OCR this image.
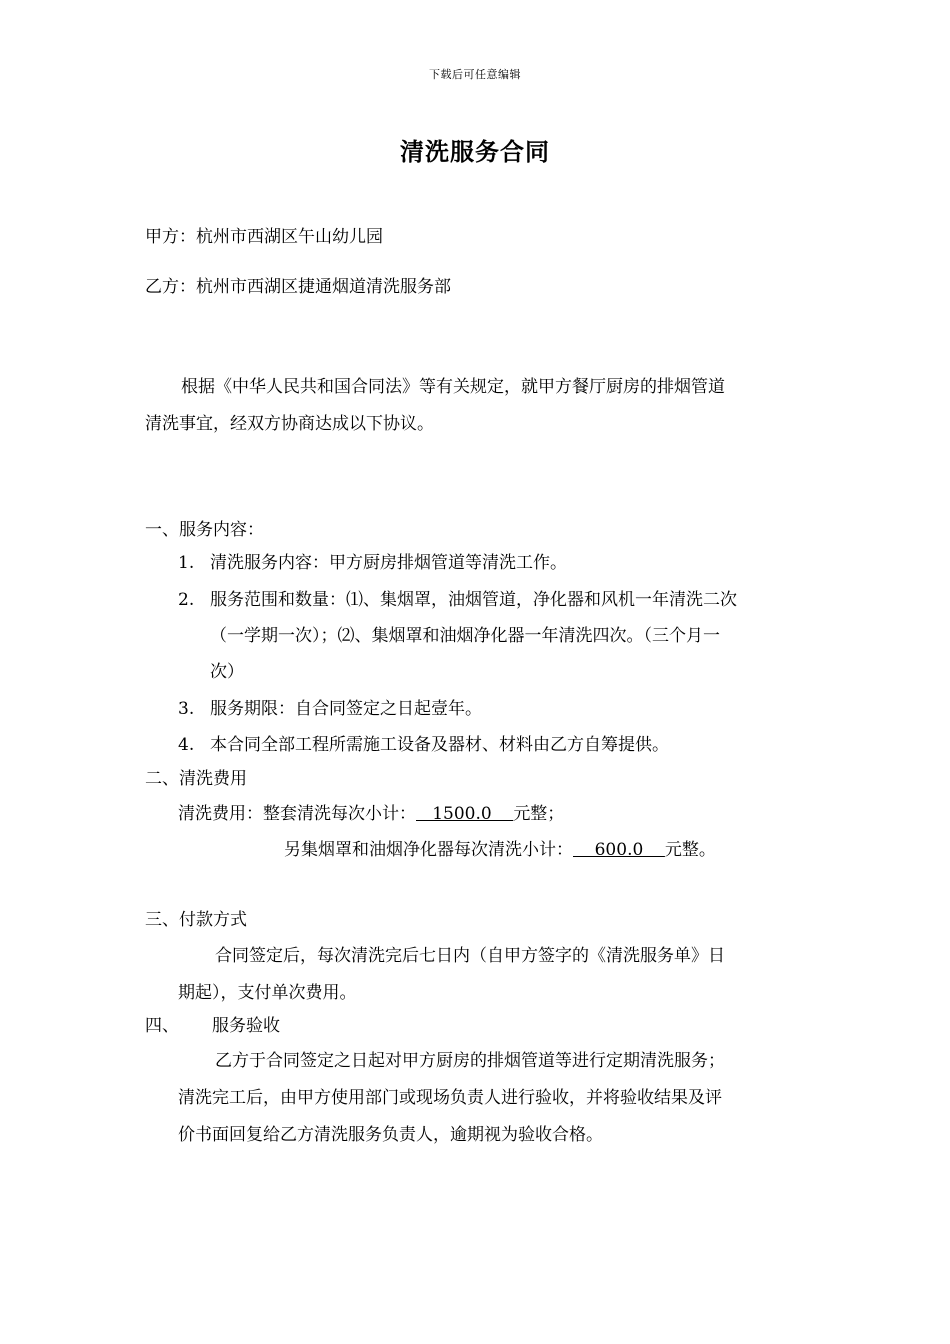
下载后可任意编辑
清洗服务合同
甲方：杭州市西湖区午山幼儿园
乙方：杭州市西湖区捷通烟道清洗服务部
根据《中华人民共和国合同法》等有关规定，就甲方餐厅厨房的排烟管道
清洗事宜，经双方协商达成以下协议。
一、服务内容：
1. 清洗服务内容：甲方厨房排烟管道等清洗工作。
2. 服务范围和数量：⑴、集烟罩，油烟管道，净化器和风机一年清洗二次
（一学期一次）；⑵、集烟罩和油烟净化器一年清洗四次。（三个月一
次）
3. 服务期限：自合同签定之日起壹年。
4. 本合同全部工程所需施工设备及器材、材料由乙方自筹提供。
二、清洗费用
清洗费用：整套清洗每次小计：   1500.0    元整；
另集烟罩和油烟净化器每次清洗小计：    600.0    元整。
三、付款方式
合同签定后，每次清洗完后七日内（自甲方签字的《清洗服务单》日
期起），支付单次费用。
四、 服务验收
乙方于合同签定之日起对甲方厨房的排烟管道等进行定期清洗服务；
清洗完工后，由甲方使用部门或现场负责人进行验收，并将验收结果及评
价书面回复给乙方清洗服务负责人，逾期视为验收合格。
